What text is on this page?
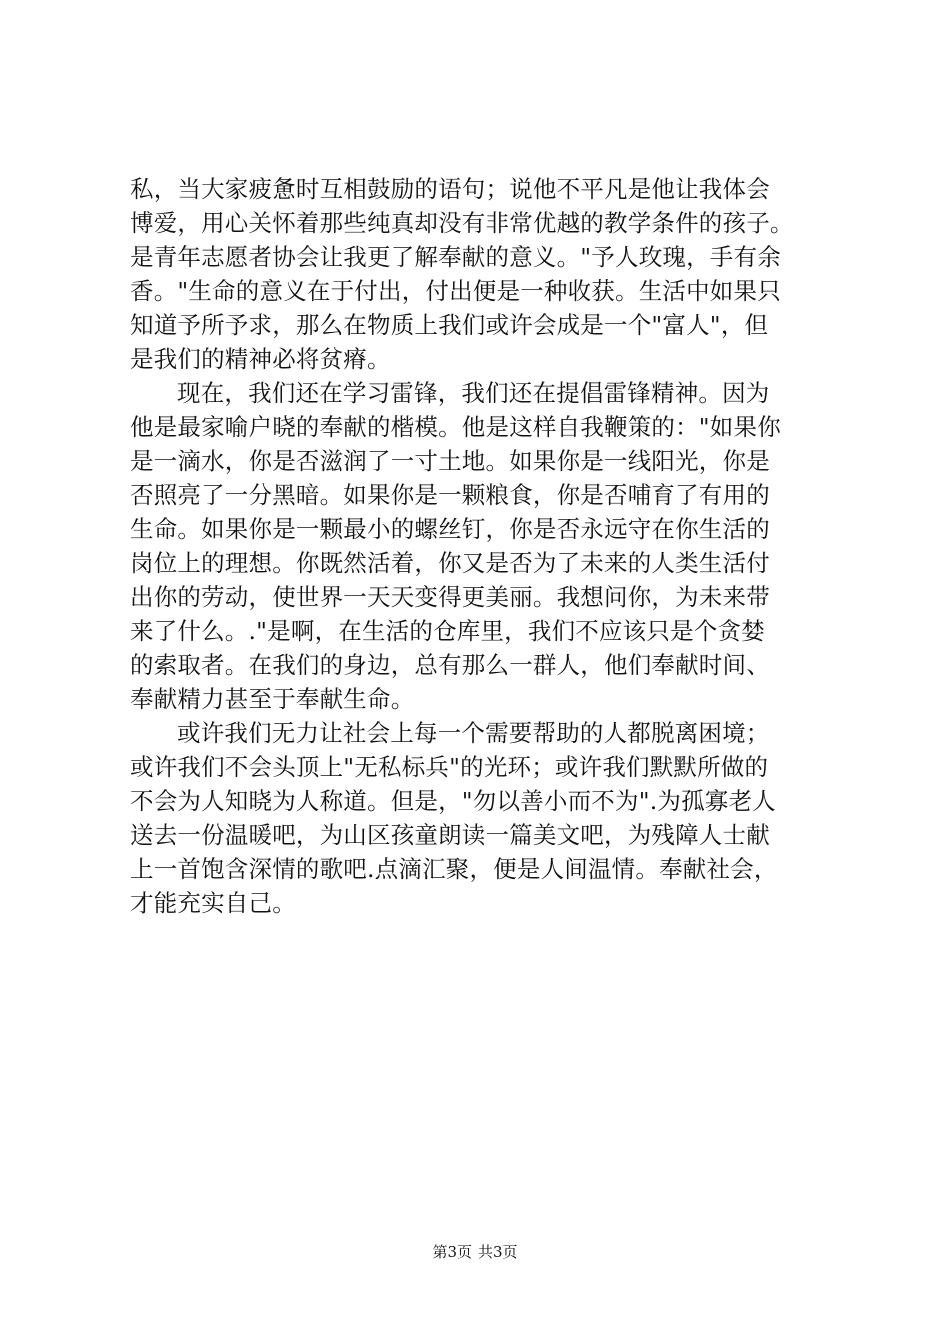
私，当大家疲惫时互相鼓励的语句；说他不平凡是他让我体会
博爱，用心关怀着那些纯真却没有非常优越的教学条件的孩子。
是青年志愿者协会让我更了解奉献的意义。"予人玫瑰，手有余
香。"生命的意义在于付出，付出便是一种收获。生活中如果只
知道予所予求，那么在物质上我们或许会成是一个"富人"，但
是我们的精神必将贫瘠。
现在，我们还在学习雷锋，我们还在提倡雷锋精神。因为
他是最家喻户晓的奉献的楷模。他是这样自我鞭策的："如果你
是一滴水，你是否滋润了一寸土地。如果你是一线阳光，你是
否照亮了一分黑暗。如果你是一颗粮食，你是否哺育了有用的
生命。如果你是一颗最小的螺丝钉，你是否永远守在你生活的
岗位上的理想。你既然活着，你又是否为了未来的人类生活付
出你的劳动，使世界一天天变得更美丽。我想问你，为未来带
来了什么。."是啊，在生活的仓库里，我们不应该只是个贪婪
的索取者。在我们的身边，总有那么一群人，他们奉献时间、
奉献精力甚至于奉献生命。
或许我们无力让社会上每一个需要帮助的人都脱离困境；
或许我们不会头顶上"无私标兵"的光环；或许我们默默所做的
不会为人知晓为人称道。但是，"勿以善小而不为".为孤寡老人
送去一份温暖吧，为山区孩童朗读一篇美文吧，为残障人士献
上一首饱含深情的歌吧.点滴汇聚，便是人间温情。奉献社会，
才能充实自己。
第3页 共3页
